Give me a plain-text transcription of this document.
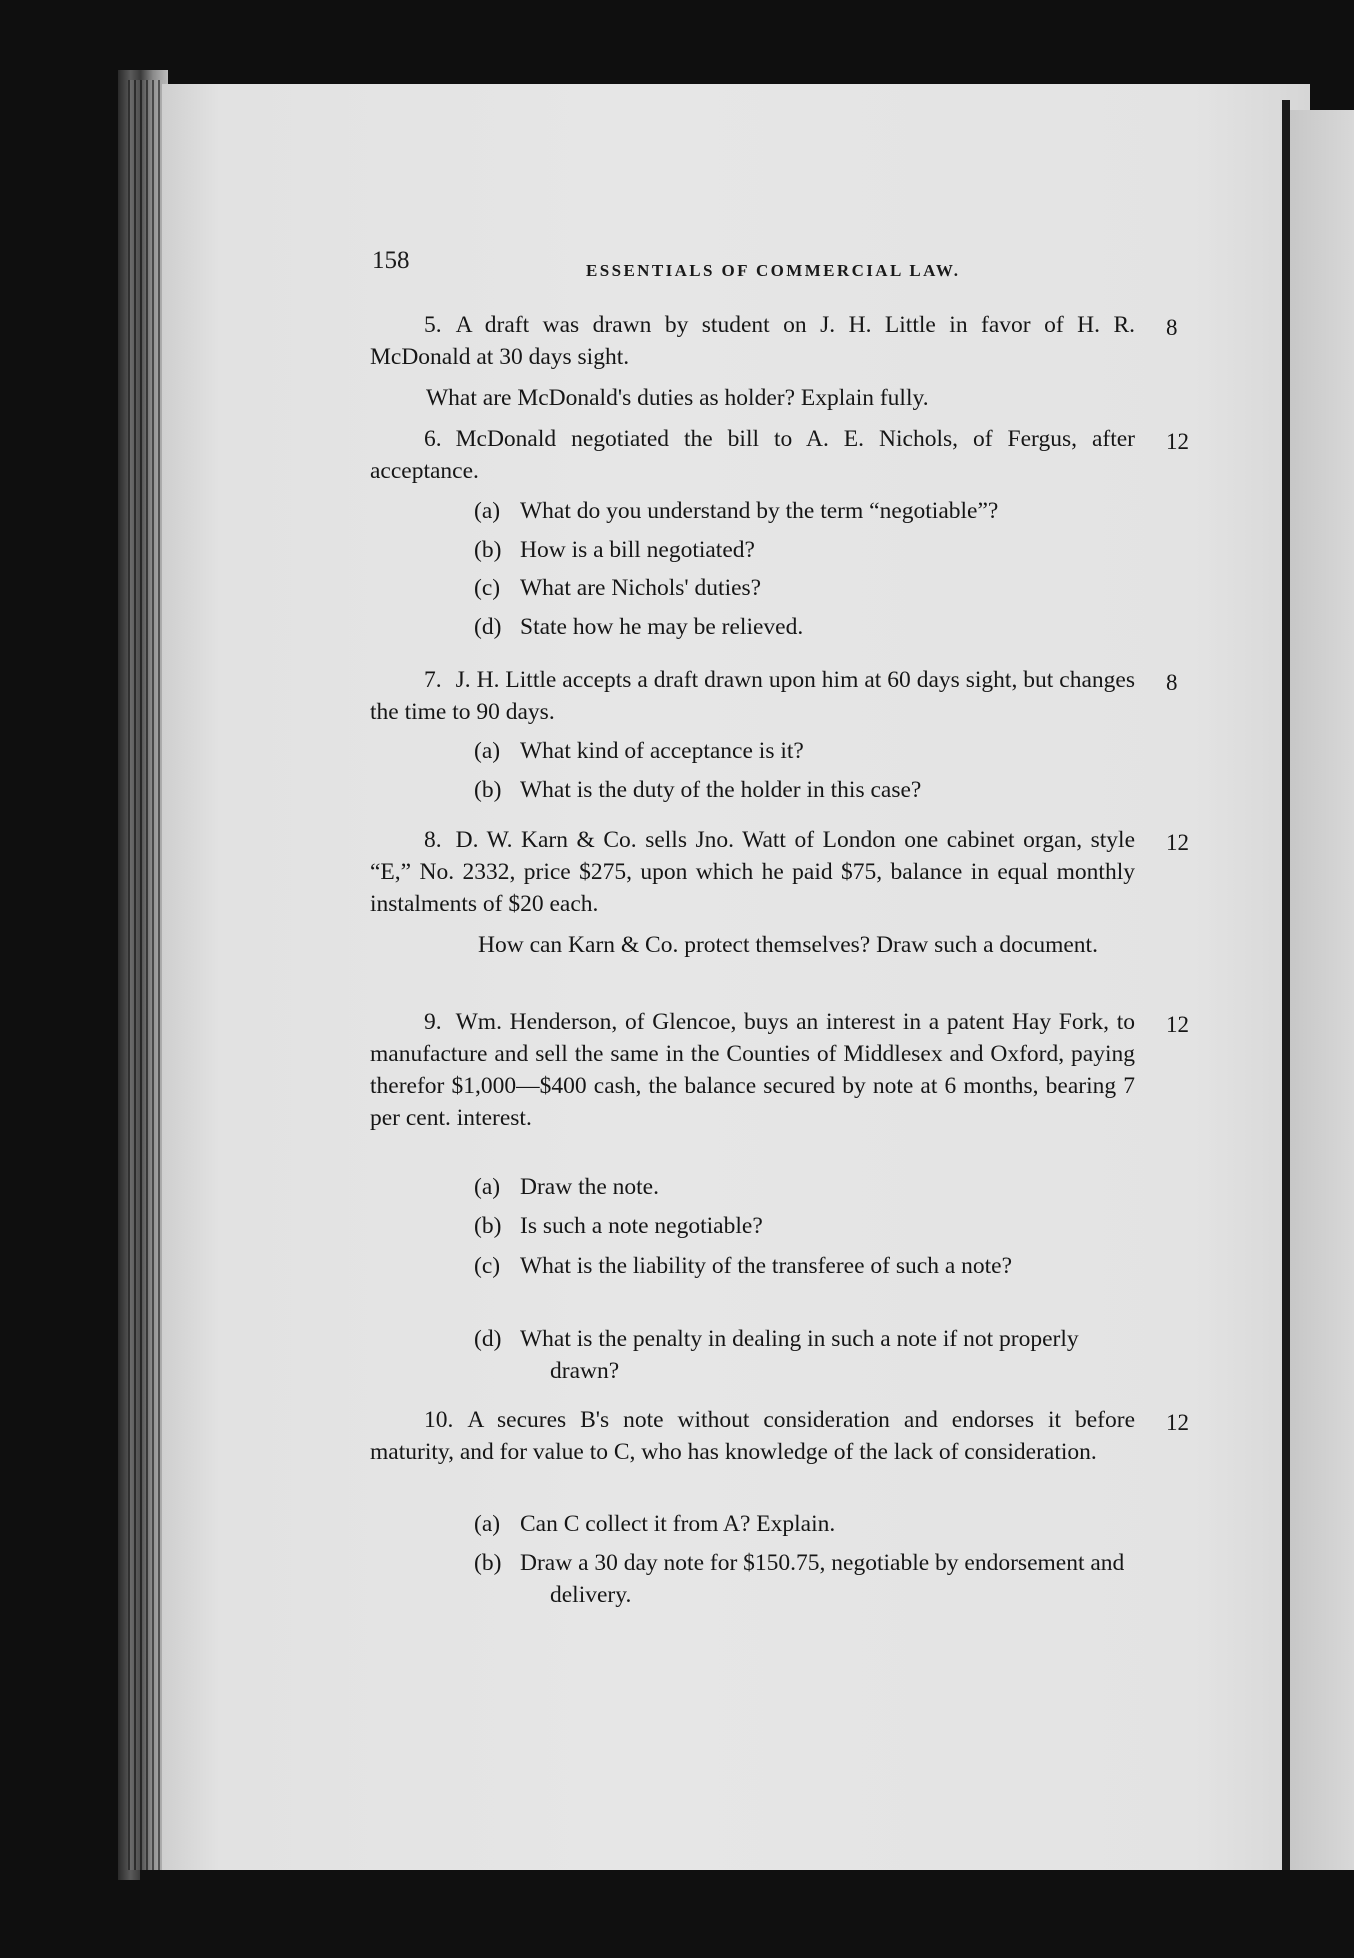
158	ESSENTIALS OF COMMERCIAL LAW.
5. A draft was drawn by student on J. H. Little in favor of H. R. McDonald at 30 days sight.
8
What are McDonald's duties as holder? Explain fully.
6. McDonald negotiated the bill to A. E. Nichols, of Fergus, after acceptance.
12
(a) What do you understand by the term “negotiable”?
(b) How is a bill negotiated?
(c) What are Nichols' duties?
(d) State how he may be relieved.
7. J. H. Little accepts a draft drawn upon him at 60 days sight, but changes the time to 90 days.
8
(a) What kind of acceptance is it?
(b) What is the duty of the holder in this case?
8. D. W. Karn & Co. sells Jno. Watt of London one cabinet organ, style “E,” No. 2332, price $275, upon which he paid $75, balance in equal monthly instalments of $20 each.
12
How can Karn & Co. protect themselves? Draw such a document.
9. Wm. Henderson, of Glencoe, buys an interest in a patent Hay Fork, to manufacture and sell the same in the Counties of Middlesex and Oxford, paying therefor $1,000—$400 cash, the balance secured by note at 6 months, bearing 7 per cent. interest.
12
(a) Draw the note.
(b) Is such a note negotiable?
(c) What is the liability of the transferee of such a note?
(d) What is the penalty in dealing in such a note if not properly drawn?
10. A secures B's note without consideration and endorses it before maturity, and for value to C, who has knowledge of the lack of consideration.
12
(a) Can C collect it from A? Explain.
(b) Draw a 30 day note for $150.75, negotiable by endorsement and delivery.
